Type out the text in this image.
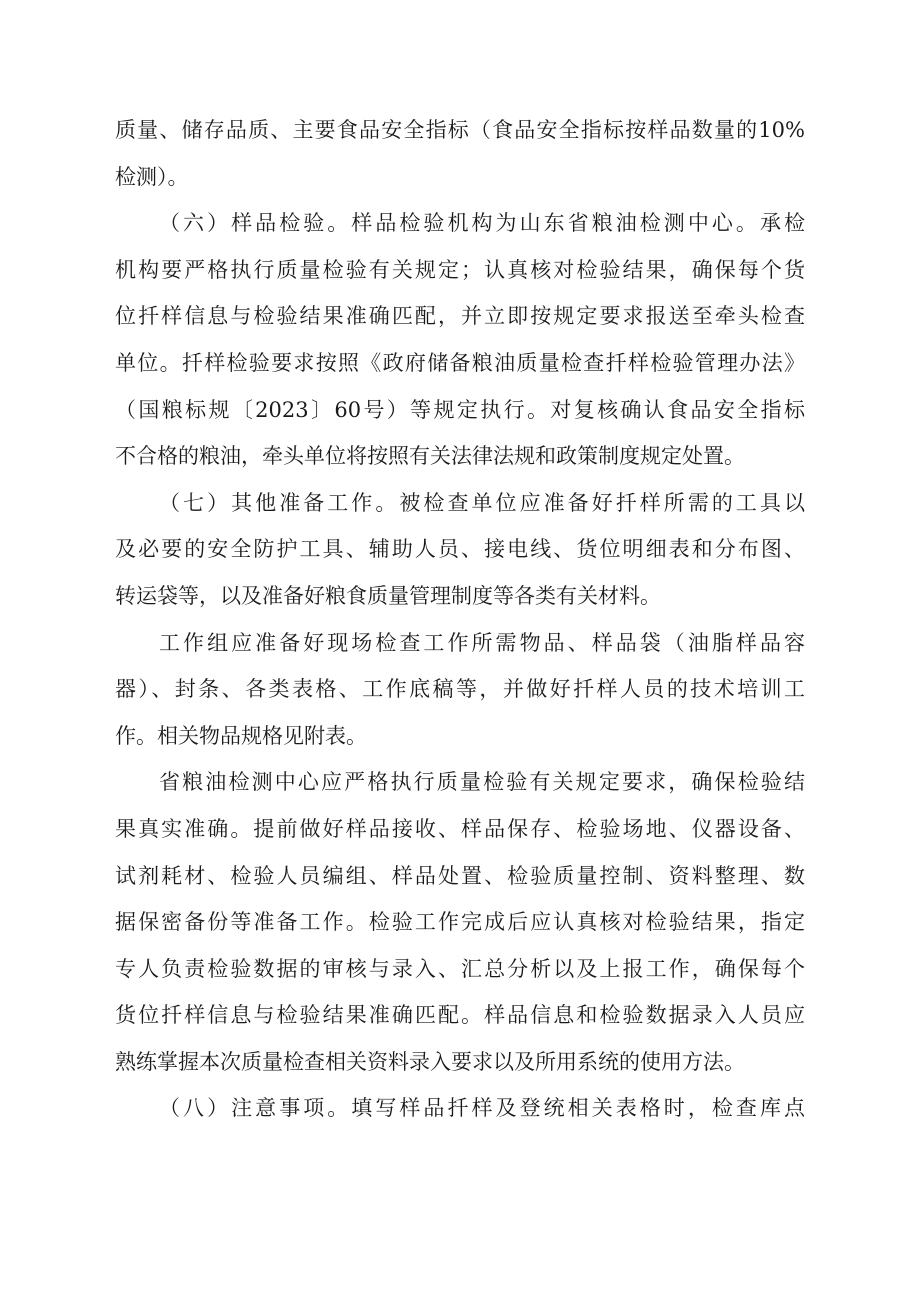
质量、储存品质、主要食品安全指标（食品安全指标按样品数量的10%
检测）。
（六）样品检验。样品检验机构为山东省粮油检测中心。承检
机构要严格执行质量检验有关规定；认真核对检验结果，确保每个货
位扦样信息与检验结果准确匹配，并立即按规定要求报送至牵头检查
单位。扦样检验要求按照《政府储备粮油质量检查扦样检验管理办法》
（国粮标规〔2023〕60号）等规定执行。对复核确认食品安全指标
不合格的粮油，牵头单位将按照有关法律法规和政策制度规定处置。
（七）其他准备工作。被检查单位应准备好扦样所需的工具以
及必要的安全防护工具、辅助人员、接电线、货位明细表和分布图、
转运袋等，以及准备好粮食质量管理制度等各类有关材料。
工作组应准备好现场检查工作所需物品、样品袋（油脂样品容
器）、封条、各类表格、工作底稿等，并做好扦样人员的技术培训工
作。相关物品规格见附表。
省粮油检测中心应严格执行质量检验有关规定要求，确保检验结
果真实准确。提前做好样品接收、样品保存、检验场地、仪器设备、
试剂耗材、检验人员编组、样品处置、检验质量控制、资料整理、数
据保密备份等准备工作。检验工作完成后应认真核对检验结果，指定
专人负责检验数据的审核与录入、汇总分析以及上报工作，确保每个
货位扦样信息与检验结果准确匹配。样品信息和检验数据录入人员应
熟练掌握本次质量检查相关资料录入要求以及所用系统的使用方法。
（八）注意事项。填写样品扦样及登统相关表格时，检查库点
